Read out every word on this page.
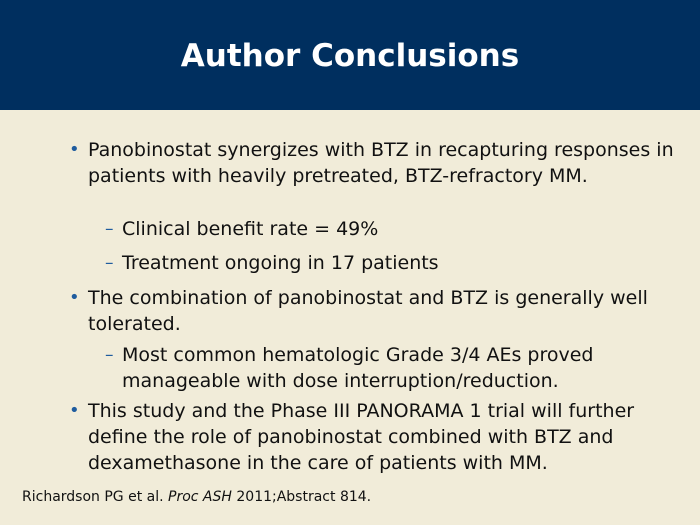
Author Conclusions
• Panobinostat synergizes with BTZ in recapturing responses in patients with heavily pretreated, BTZ-refractory MM.
– Clinical benefit rate = 49%
– Treatment ongoing in 17 patients
• The combination of panobinostat and BTZ is generally well tolerated.
– Most common hematologic Grade 3/4 AEs proved manageable with dose interruption/reduction.
• This study and the Phase III PANORAMA 1 trial will further define the role of panobinostat combined with BTZ and dexamethasone in the care of patients with MM.
Richardson PG et al. Proc ASH 2011;Abstract 814.
